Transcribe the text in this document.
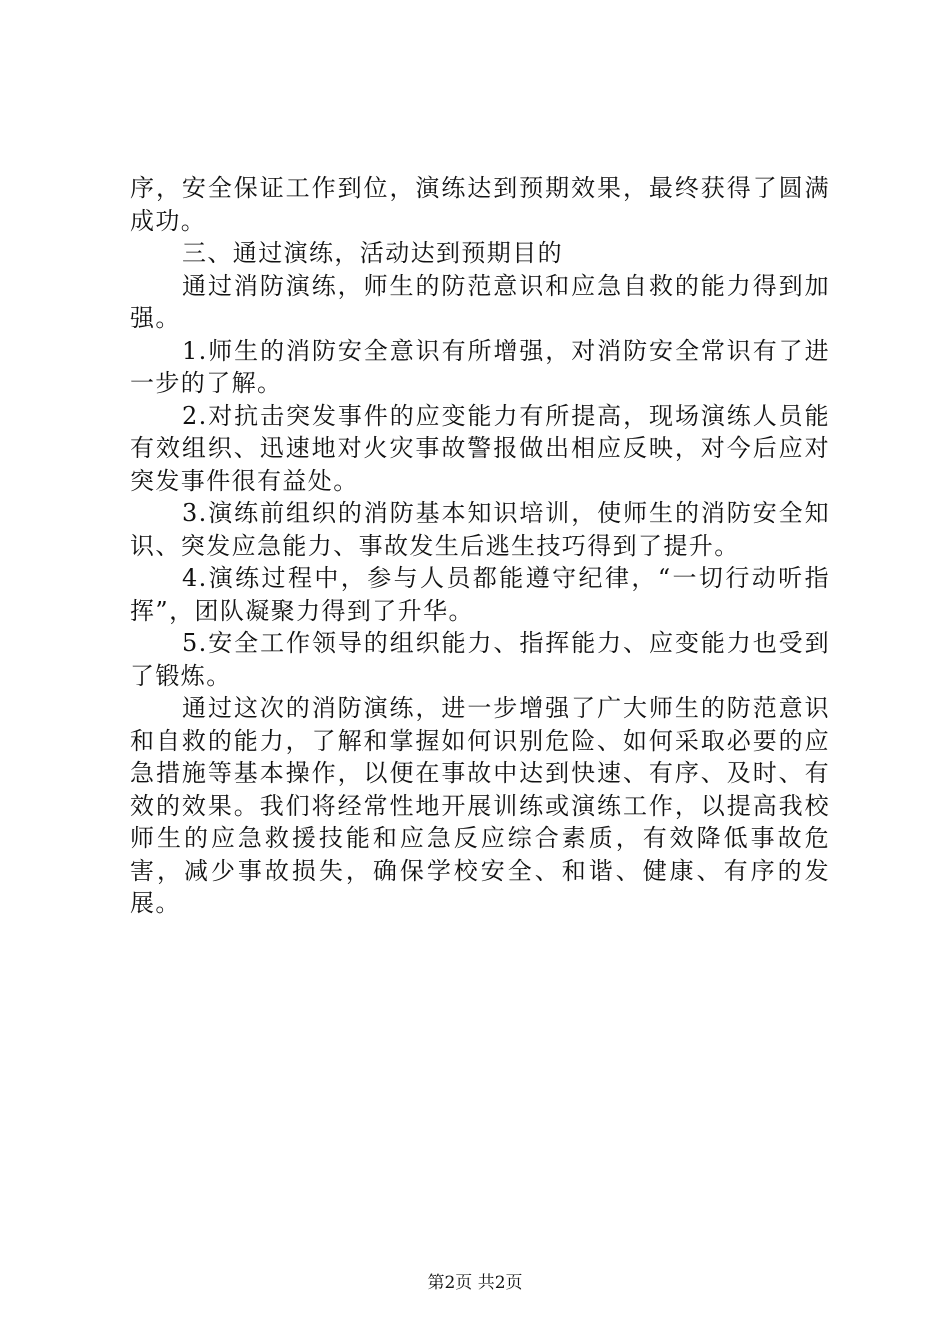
序，安全保证工作到位，演练达到预期效果，最终获得了圆满成功。

三、通过演练，活动达到预期目的

通过消防演练，师生的防范意识和应急自救的能力得到加强。

1.师生的消防安全意识有所增强，对消防安全常识有了进一步的了解。

2.对抗击突发事件的应变能力有所提高，现场演练人员能有效组织、迅速地对火灾事故警报做出相应反映，对今后应对突发事件很有益处。

3.演练前组织的消防基本知识培训，使师生的消防安全知识、突发应急能力、事故发生后逃生技巧得到了提升。

4.演练过程中，参与人员都能遵守纪律，“一切行动听指挥”，团队凝聚力得到了升华。

5.安全工作领导的组织能力、指挥能力、应变能力也受到了锻炼。

通过这次的消防演练，进一步增强了广大师生的防范意识和自救的能力，了解和掌握如何识别危险、如何采取必要的应急措施等基本操作，以便在事故中达到快速、有序、及时、有效的效果。我们将经常性地开展训练或演练工作，以提高我校师生的应急救援技能和应急反应综合素质，有效降低事故危害，减少事故损失，确保学校安全、和谐、健康、有序的发展。

第2页 共2页
